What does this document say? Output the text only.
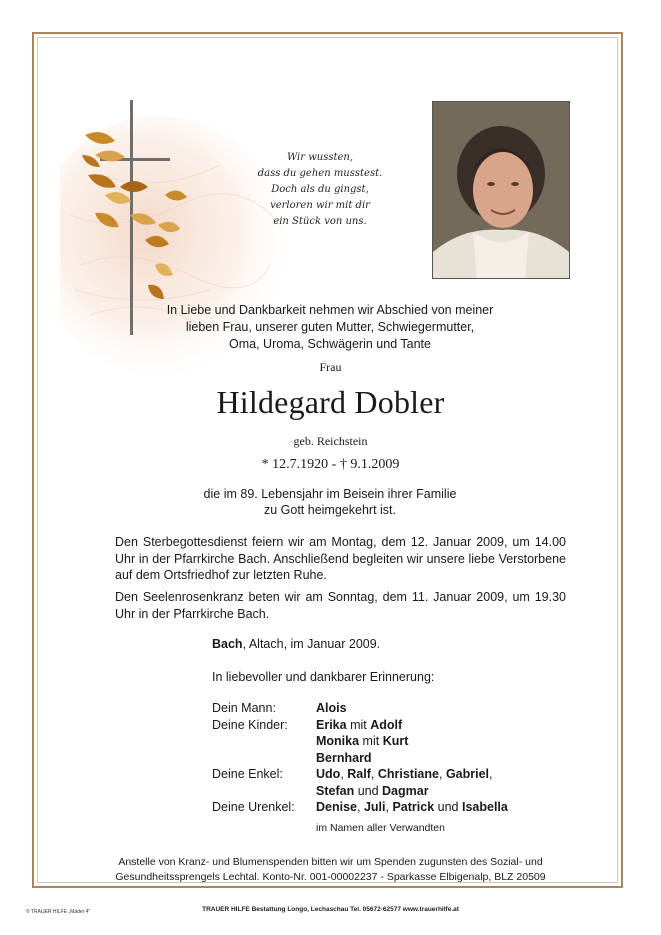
Wir wussten,
dass du gehen musstest.
Doch als du gingst,
verloren wir mit dir
ein Stück von uns.
In Liebe und Dankbarkeit nehmen wir Abschied von meiner
lieben Frau, unserer guten Mutter, Schwiegermutter,
Oma, Uroma, Schwägerin und Tante
Frau
Hildegard Dobler
geb. Reichstein
* 12.7.1920 - † 9.1.2009
die im 89. Lebensjahr im Beisein ihrer Familie
zu Gott heimgekehrt ist.
Den Sterbegottesdienst feiern wir am Montag, dem 12. Januar 2009, um 14.00 Uhr in der Pfarrkirche Bach. Anschließend begleiten wir unsere liebe Verstorbene auf dem Ortsfriedhof zur letzten Ruhe.
Den Seelenrosenkranz beten wir am Sonntag, dem 11. Januar 2009, um 19.30 Uhr in der Pfarrkirche Bach.
Bach, Altach, im Januar 2009.
In liebevoller und dankbarer Erinnerung:
Dein Mann:	Alois
Deine Kinder: Erika mit Adolf
Monika mit Kurt
Bernhard
Deine Enkel:	Udo, Ralf, Christiane, Gabriel,
Stefan und Dagmar
Deine Urenkel: Denise, Juli, Patrick und Isabella
im Namen aller Verwandten
Anstelle von Kranz- und Blumenspenden bitten wir um Spenden zugunsten des Sozial- und
Gesundheitssprengels Lechtal. Konto-Nr. 001-00002237 - Sparkasse Elbigenalp, BLZ 20509
© TRAUER HILFE „Mäder 4"	TRAUER HILFE Bestattung Longo, Lechaschau Tel. 05672-62577 www.trauerhilfe.at
